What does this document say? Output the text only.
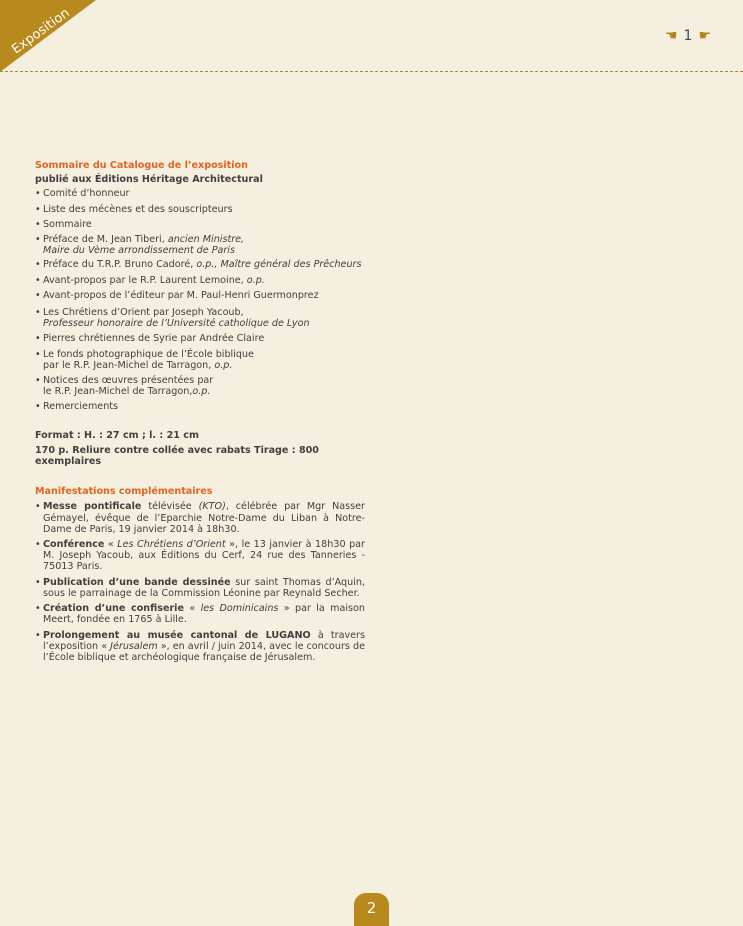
Exposition	☚ 1 ☛
Sommaire du Catalogue de l’exposition
publié aux Éditions Héritage Architectural
• Comité d’honneur
• Liste des mécènes et des souscripteurs
• Sommaire
• Préface de M. Jean Tiberi, ancien Ministre,
Maire du Vème arrondissement de Paris
• Préface du T.R.P. Bruno Cadoré, o.p., Maître général des Prêcheurs
• Avant-propos par le R.P. Laurent Lemoine, o.p.
• Avant-propos de l’éditeur par M. Paul-Henri Guermonprez
• Les Chrétiens d’Orient par Joseph Yacoub,
Professeur honoraire de l’Université catholique de Lyon
• Pierres chrétiennes de Syrie par Andrée Claire
• Le fonds photographique de l’École biblique
par le R.P. Jean-Michel de Tarragon, o.p.
• Notices des œuvres présentées par
le R.P. Jean-Michel de Tarragon,o.p.
• Remerciements
Format : H. : 27 cm ; l. : 21 cm
170 p. Reliure contre collée avec rabats Tirage : 800 exemplaires
Manifestations complémentaires
• Messe pontificale télévisée (KTO), célébrée par Mgr Nasser Gémayel, évêque de l’Eparchie Notre-Dame du Liban à Notre-Dame de Paris, 19 janvier 2014 à 18h30.
• Conférence « Les Chrétiens d’Orient », le 13 janvier à 18h30 par M. Joseph Yacoub, aux Éditions du Cerf, 24 rue des Tanneries - 75013 Paris.
• Publication d’une bande dessinée sur saint Thomas d’Aquin, sous le parrainage de la Commission Léonine par Reynald Secher.
• Création d’une confiserie « les Dominicains » par la maison Meert, fondée en 1765 à Lille.
• Prolongement au musée cantonal de LUGANO à travers l’exposition « Jérusalem », en avril / juin 2014, avec le concours de l’École biblique et archéologique française de Jérusalem.
2
